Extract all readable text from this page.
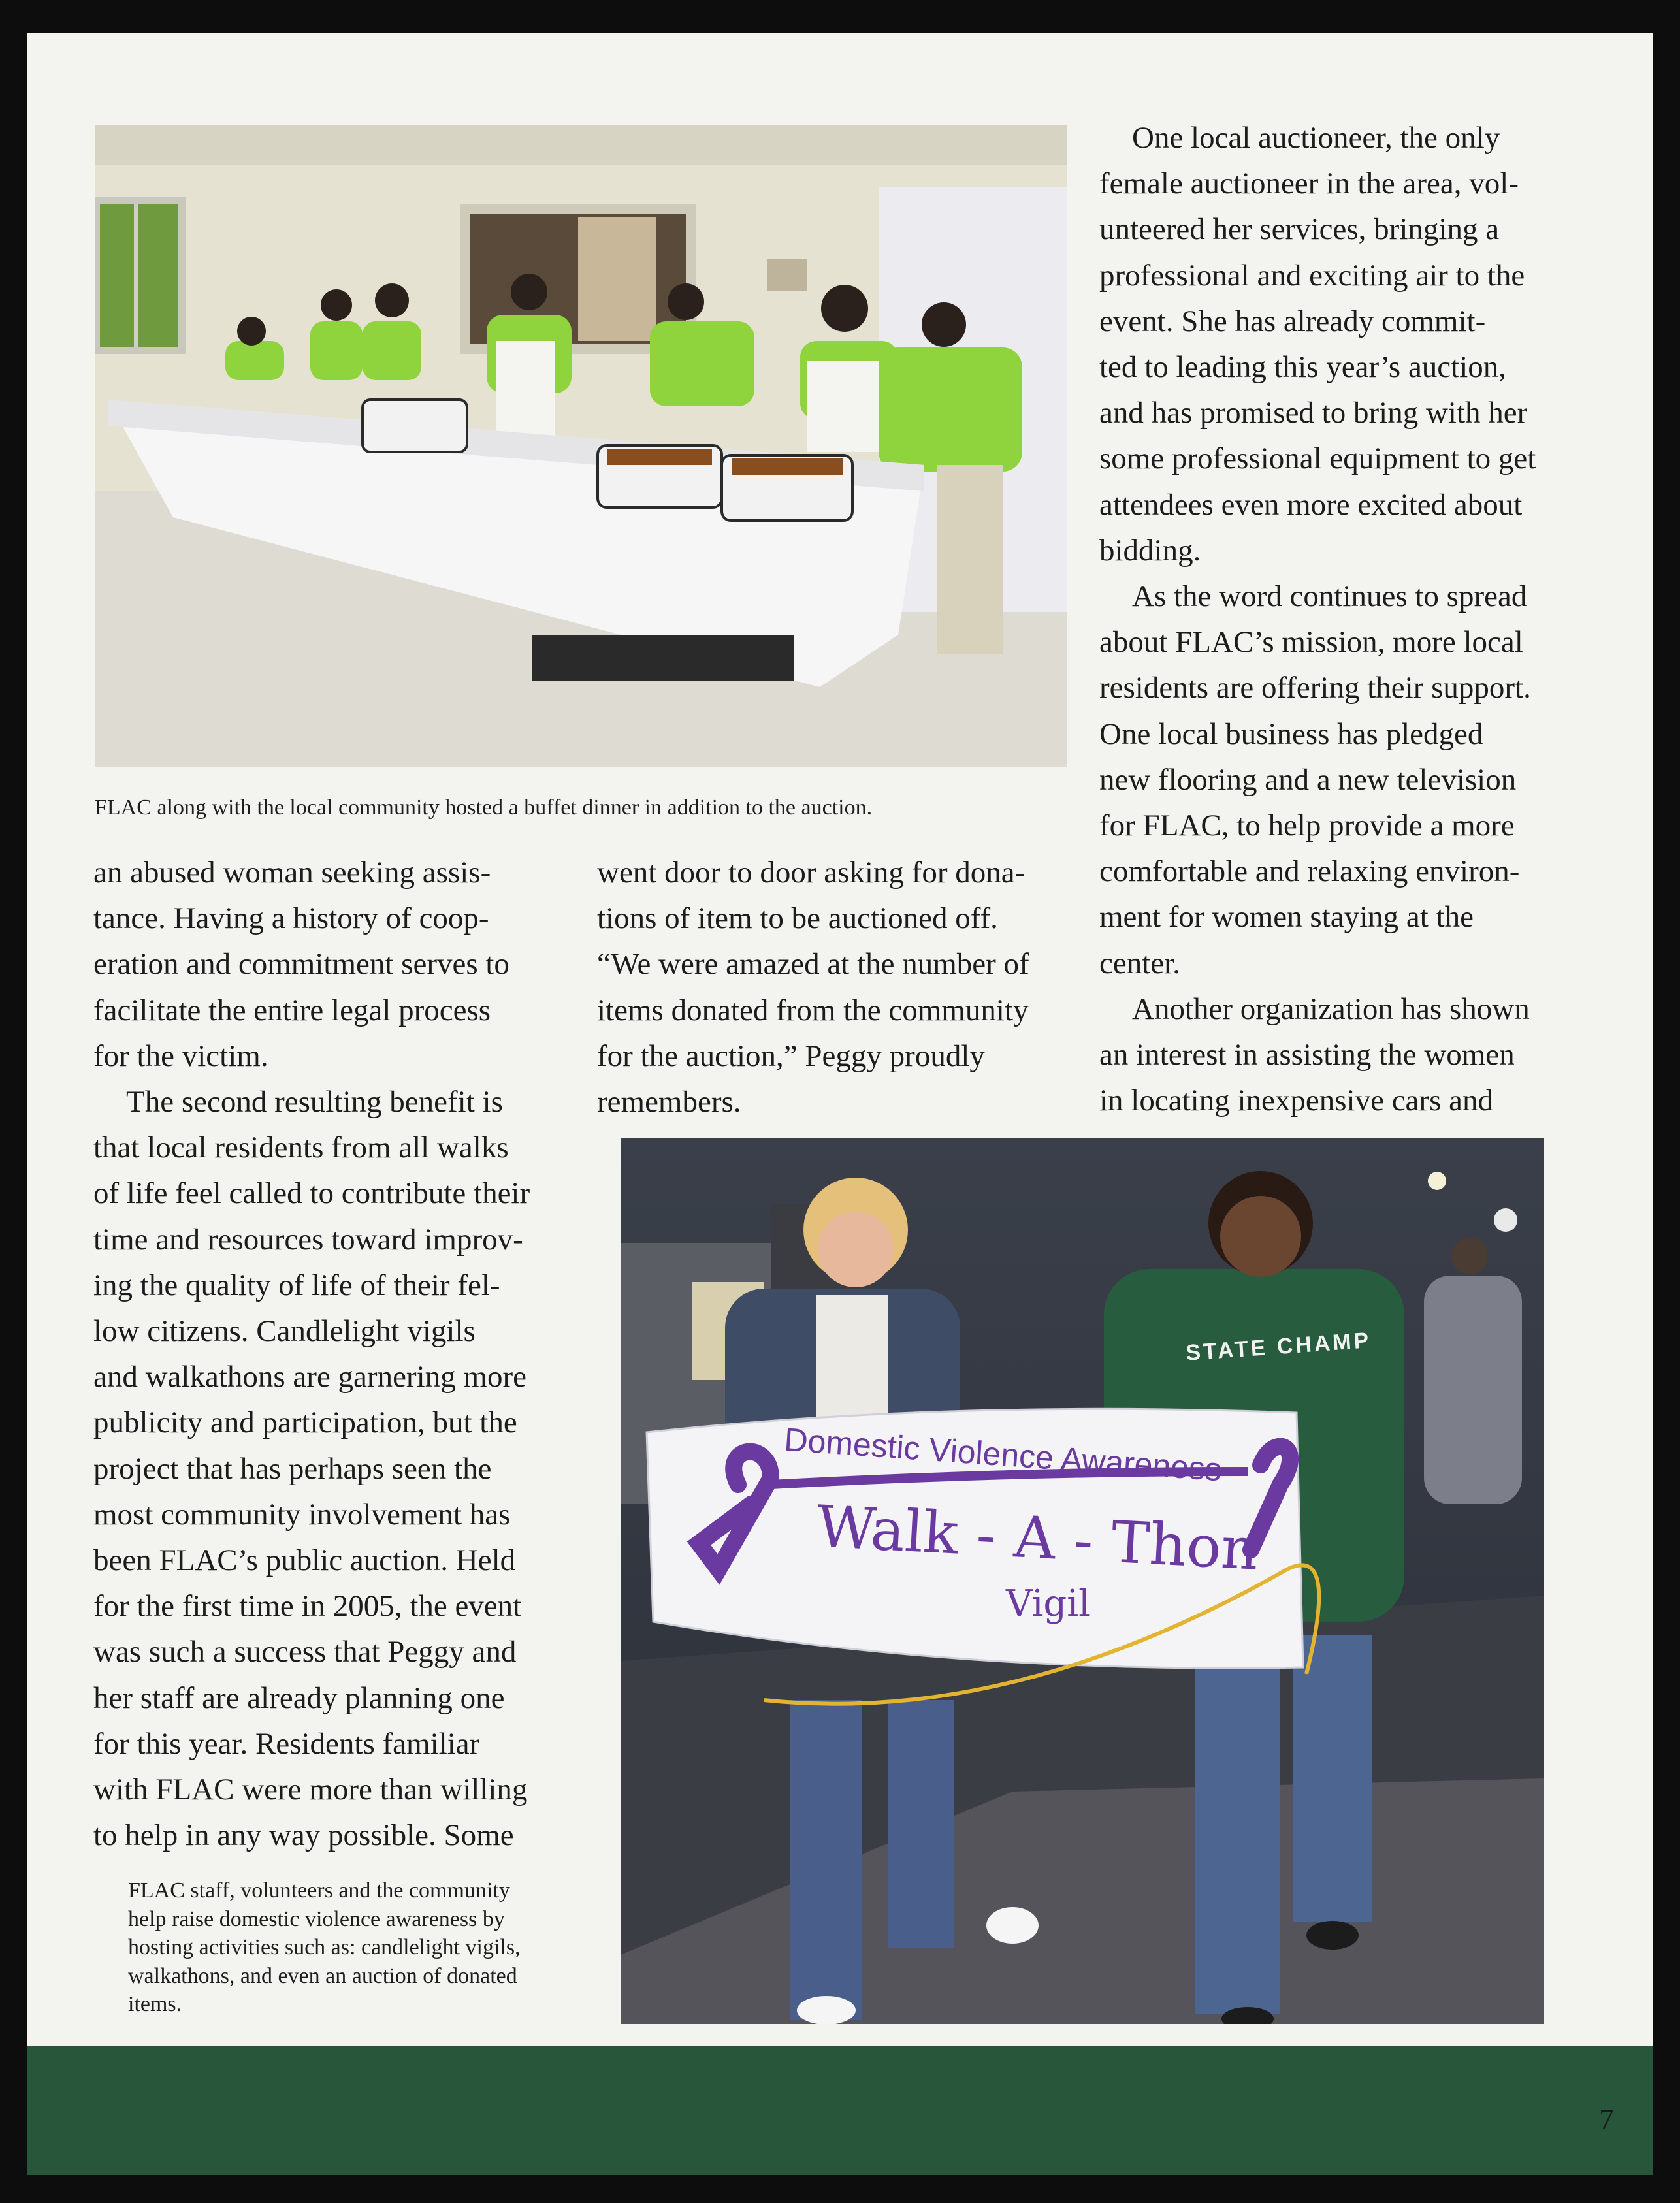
FLAC along with the local community hosted a buffet dinner in addition to the auction.
One local auctioneer, the only
female auctioneer in the area, vol-
unteered her services, bringing a
professional and exciting air to the
event. She has already commit-
ted to leading this year’s auction,
and has promised to bring with her
some professional equipment to get
attendees even more excited about
bidding.
As the word continues to spread
about FLAC’s mission, more local
residents are offering their support.
One local business has pledged
new flooring and a new television
for FLAC, to help provide a more
comfortable and relaxing environ-
ment for women staying at the
center.
Another organization has shown
an interest in assisting the women
in locating inexpensive cars and
an abused woman seeking assis-
tance. Having a history of coop-
eration and commitment serves to
facilitate the entire legal process
for the victim.
The second resulting benefit is
that local residents from all walks
of life feel called to contribute their
time and resources toward improv-
ing the quality of life of their fel-
low citizens. Candlelight vigils
and walkathons are garnering more
publicity and participation, but the
project that has perhaps seen the
most community involvement has
been FLAC’s public auction. Held
for the first time in 2005, the event
was such a success that Peggy and
her staff are already planning one
for this year. Residents familiar
with FLAC were more than willing
to help in any way possible. Some
went door to door asking for dona-
tions of item to be auctioned off.
“We were amazed at the number of
items donated from the community
for the auction,” Peggy proudly
remembers.
Domestic Violence Awareness
Walk - A - Thon
Vigil
STATE CHAMP
FLAC staff, volunteers and the community
help raise domestic violence awareness by
hosting activities such as: candlelight vigils,
walkathons, and even an auction of donated
items.
7
